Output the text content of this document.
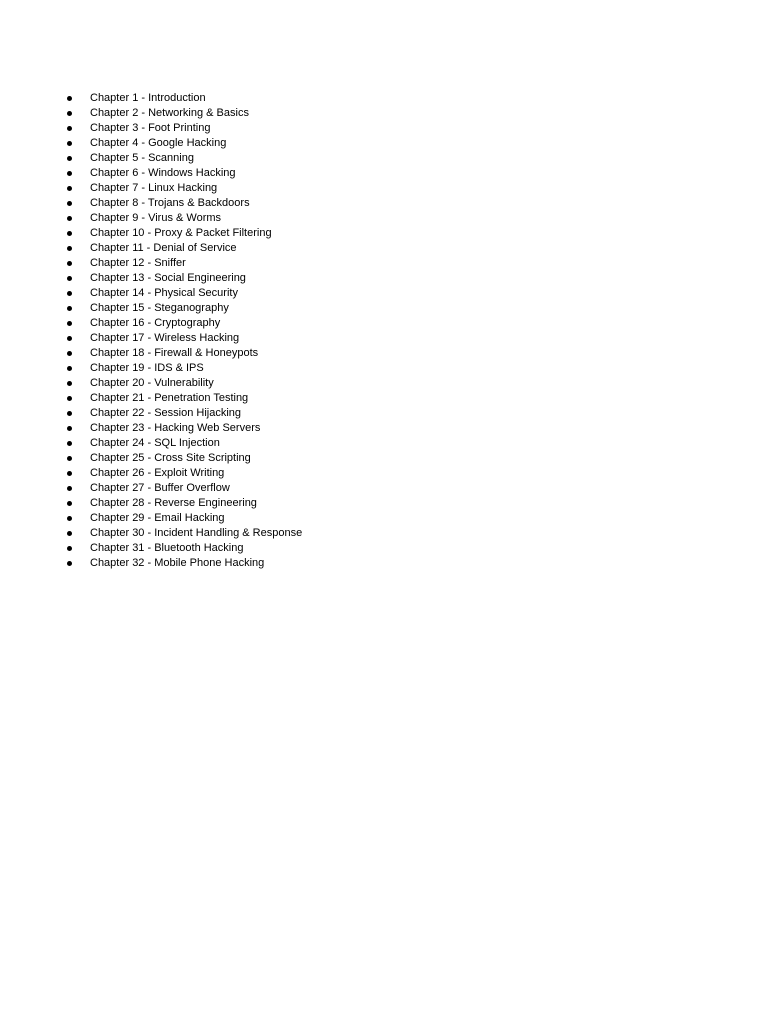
Chapter 1 - Introduction
Chapter 2 - Networking & Basics
Chapter 3 - Foot Printing
Chapter 4 - Google Hacking
Chapter 5 - Scanning
Chapter 6 - Windows Hacking
Chapter 7 - Linux Hacking
Chapter 8 - Trojans & Backdoors
Chapter 9 - Virus & Worms
Chapter 10 - Proxy & Packet Filtering
Chapter 11 - Denial of Service
Chapter 12 - Sniffer
Chapter 13 - Social Engineering
Chapter 14 - Physical Security
Chapter 15 - Steganography
Chapter 16 - Cryptography
Chapter 17 - Wireless Hacking
Chapter 18 - Firewall & Honeypots
Chapter 19 - IDS & IPS
Chapter 20 - Vulnerability
Chapter 21 - Penetration Testing
Chapter 22 - Session Hijacking
Chapter 23 - Hacking Web Servers
Chapter 24 - SQL Injection
Chapter 25 - Cross Site Scripting
Chapter 26 - Exploit Writing
Chapter 27 - Buffer Overflow
Chapter 28 - Reverse Engineering
Chapter 29 - Email Hacking
Chapter 30 - Incident Handling & Response
Chapter 31 - Bluetooth Hacking
Chapter 32 - Mobile Phone Hacking
